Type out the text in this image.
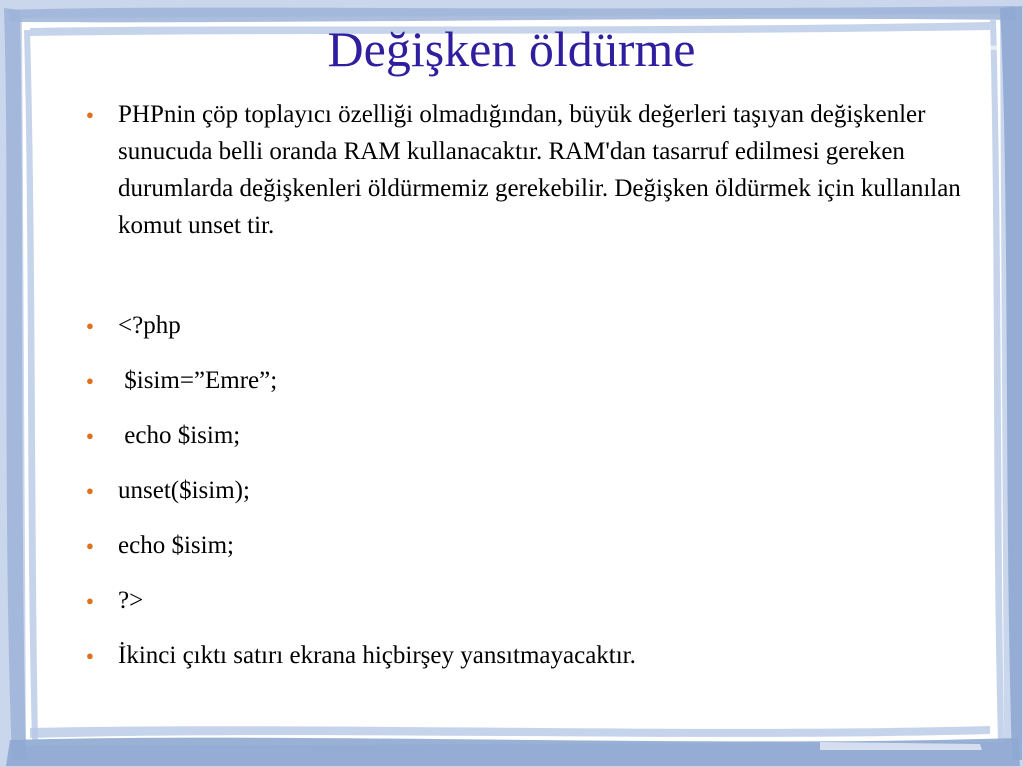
Değişken öldürme
● PHPnin çöp toplayıcı özelliği olmadığından, büyük değerleri taşıyan değişkenler sunucuda belli oranda RAM kullanacaktır. RAM'dan tasarruf edilmesi gereken durumlarda değişkenleri öldürmemiz gerekebilir. Değişken öldürmek için kullanılan komut unset tir.
● <?php
● $isim=”Emre”;
● echo $isim;
● unset($isim);
● echo $isim;
● ?>
● İkinci çıktı satırı ekrana hiçbirşey yansıtmayacaktır.
